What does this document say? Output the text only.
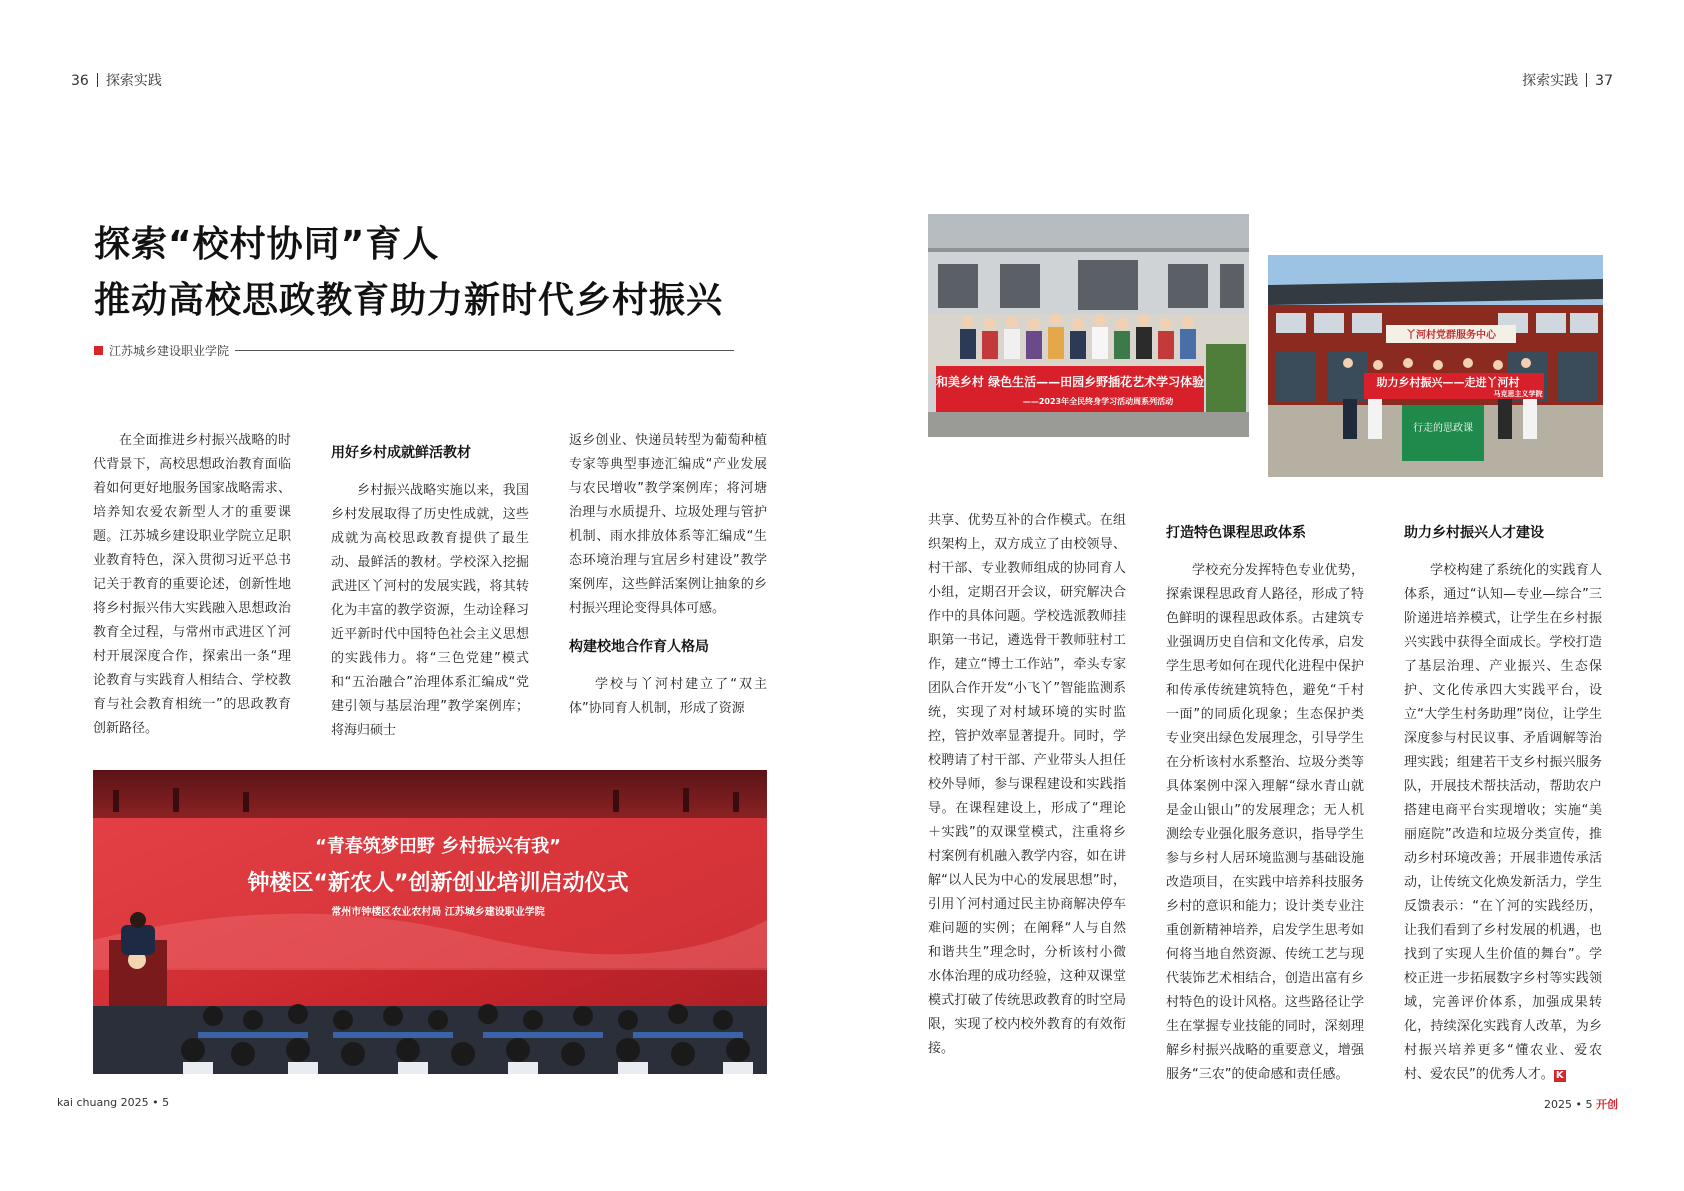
36 探索实践	探索实践 37
探索“校村协同”育人
推动高校思政教育助力新时代乡村振兴
江苏城乡建设职业学院

在全面推进乡村振兴战略的时代背景下，高校思想政治教育面临着如何更好地服务国家战略需求、培养知农爱农新型人才的重要课题。江苏城乡建设职业学院立足职业教育特色，深入贯彻习近平总书记关于教育的重要论述，创新性地将乡村振兴伟大实践融入思想政治教育全过程，与常州市武进区丫河村开展深度合作，探索出一条“理论教育与实践育人相结合、学校教育与社会教育相统一”的思政教育创新路径。

用好乡村成就鲜活教材

乡村振兴战略实施以来，我国乡村发展取得了历史性成就，这些成就为高校思政教育提供了最生动、最鲜活的教材。学校深入挖掘武进区丫河村的发展实践，将其转化为丰富的教学资源，生动诠释习近平新时代中国特色社会主义思想的实践伟力。将“三色党建”模式和“五治融合”治理体系汇编成“党建引领与基层治理”教学案例库；将海归硕士

返乡创业、快递员转型为葡萄种植专家等典型事迹汇编成“产业发展与农民增收”教学案例库；将河塘治理与水质提升、垃圾处理与管护机制、雨水排放体系等汇编成“生态环境治理与宜居乡村建设”教学案例库，这些鲜活案例让抽象的乡村振兴理论变得具体可感。

构建校地合作育人格局

学校与丫河村建立了“双主体”协同育人机制，形成了资源

“青春筑梦田野 乡村振兴有我”
钟楼区“新农人”创新创业培训启动仪式
常州市钟楼区农业农村局 江苏城乡建设职业学院
和美乡村 绿色生活——田园乡野插花艺术学习体验
——2023年全民终身学习活动周系列活动
丫河村党群服务中心
助力乡村振兴——走进丫河村
马克思主义学院
行走的思政课

共享、优势互补的合作模式。在组织架构上，双方成立了由校领导、村干部、专业教师组成的协同育人小组，定期召开会议，研究解决合作中的具体问题。学校选派教师挂职第一书记，遴选骨干教师驻村工作，建立“博士工作站”，牵头专家团队合作开发“小飞丫”智能监测系统，实现了对村域环境的实时监控，管护效率显著提升。同时，学校聘请了村干部、产业带头人担任校外导师，参与课程建设和实践指导。在课程建设上，形成了“理论＋实践”的双课堂模式，注重将乡村案例有机融入教学内容，如在讲解“以人民为中心的发展思想”时，引用丫河村通过民主协商解决停车难问题的实例；在阐释“人与自然和谐共生”理念时，分析该村小微水体治理的成功经验，这种双课堂模式打破了传统思政教育的时空局限，实现了校内校外教育的有效衔接。

打造特色课程思政体系

学校充分发挥特色专业优势，探索课程思政育人路径，形成了特色鲜明的课程思政体系。古建筑专业强调历史自信和文化传承，启发学生思考如何在现代化进程中保护和传承传统建筑特色，避免“千村一面”的同质化现象；生态保护类专业突出绿色发展理念，引导学生在分析该村水系整治、垃圾分类等具体案例中深入理解“绿水青山就是金山银山”的发展理念；无人机测绘专业强化服务意识，指导学生参与乡村人居环境监测与基础设施改造项目，在实践中培养科技服务乡村的意识和能力；设计类专业注重创新精神培养，启发学生思考如何将当地自然资源、传统工艺与现代装饰艺术相结合，创造出富有乡村特色的设计风格。这些路径让学生在掌握专业技能的同时，深刻理解乡村振兴战略的重要意义，增强服务“三农”的使命感和责任感。

助力乡村振兴人才建设

学校构建了系统化的实践育人体系，通过“认知—专业—综合”三阶递进培养模式，让学生在乡村振兴实践中获得全面成长。学校打造了基层治理、产业振兴、生态保护、文化传承四大实践平台，设立“大学生村务助理”岗位，让学生深度参与村民议事、矛盾调解等治理实践；组建若干支乡村振兴服务队，开展技术帮扶活动，帮助农户搭建电商平台实现增收；实施“美丽庭院”改造和垃圾分类宣传，推动乡村环境改善；开展非遗传承活动，让传统文化焕发新活力，学生反馈表示：“在丫河的实践经历，让我们看到了乡村发展的机遇，也找到了实现人生价值的舞台”。学校正进一步拓展数字乡村等实践领域，完善评价体系，加强成果转化，持续深化实践育人改革，为乡村振兴培养更多“懂农业、爱农村、爱农民”的优秀人才。 K

kai chuang 2025 • 5	2025 • 5 开创
